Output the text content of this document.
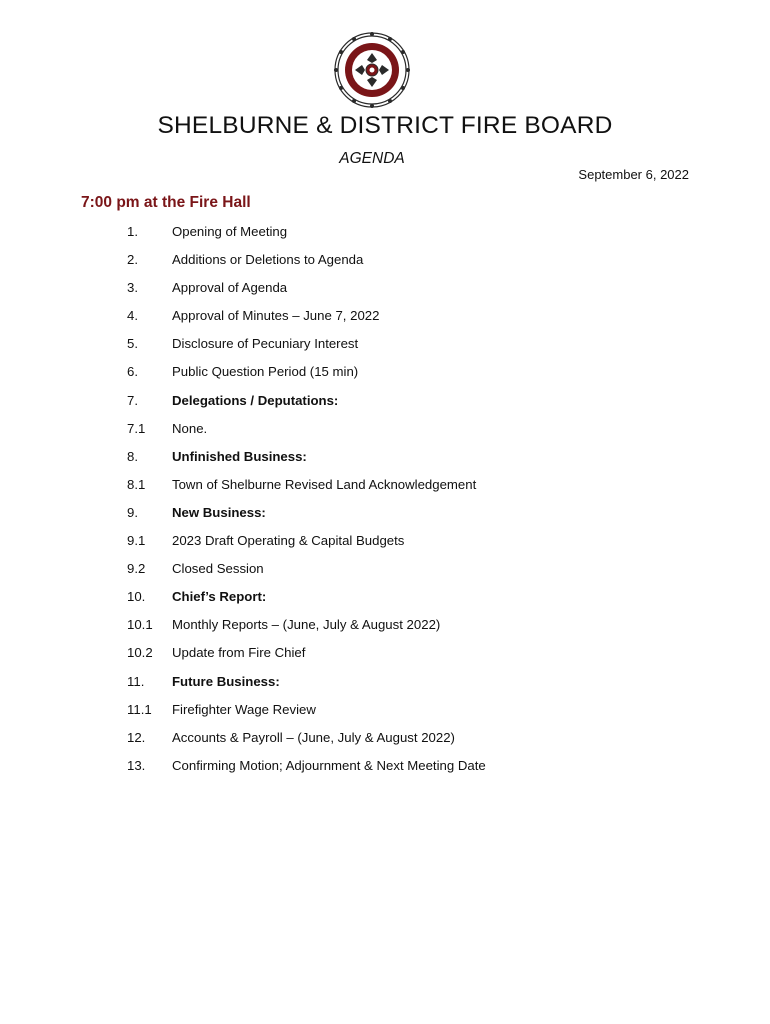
SHELBURNE & DISTRICT FIRE BOARD
AGENDA
September 6, 2022
7:00 pm at the Fire Hall
1.	Opening of Meeting
2.	Additions or Deletions to Agenda
3.	Approval of Agenda
4.	Approval of Minutes – June 7, 2022
5.	Disclosure of Pecuniary Interest
6.	Public Question Period (15 min)
7.	Delegations / Deputations:
7.1	None.
8.	Unfinished Business:
8.1	Town of Shelburne Revised Land Acknowledgement
9.	New Business:
9.1	2023 Draft Operating & Capital Budgets
9.2	Closed Session
10.	Chief’s Report:
10.1	Monthly Reports – (June, July & August 2022)
10.2	Update from Fire Chief
11.	Future Business:
11.1	Firefighter Wage Review
12.	Accounts & Payroll – (June, July & August 2022)
13.	Confirming Motion; Adjournment & Next Meeting Date
